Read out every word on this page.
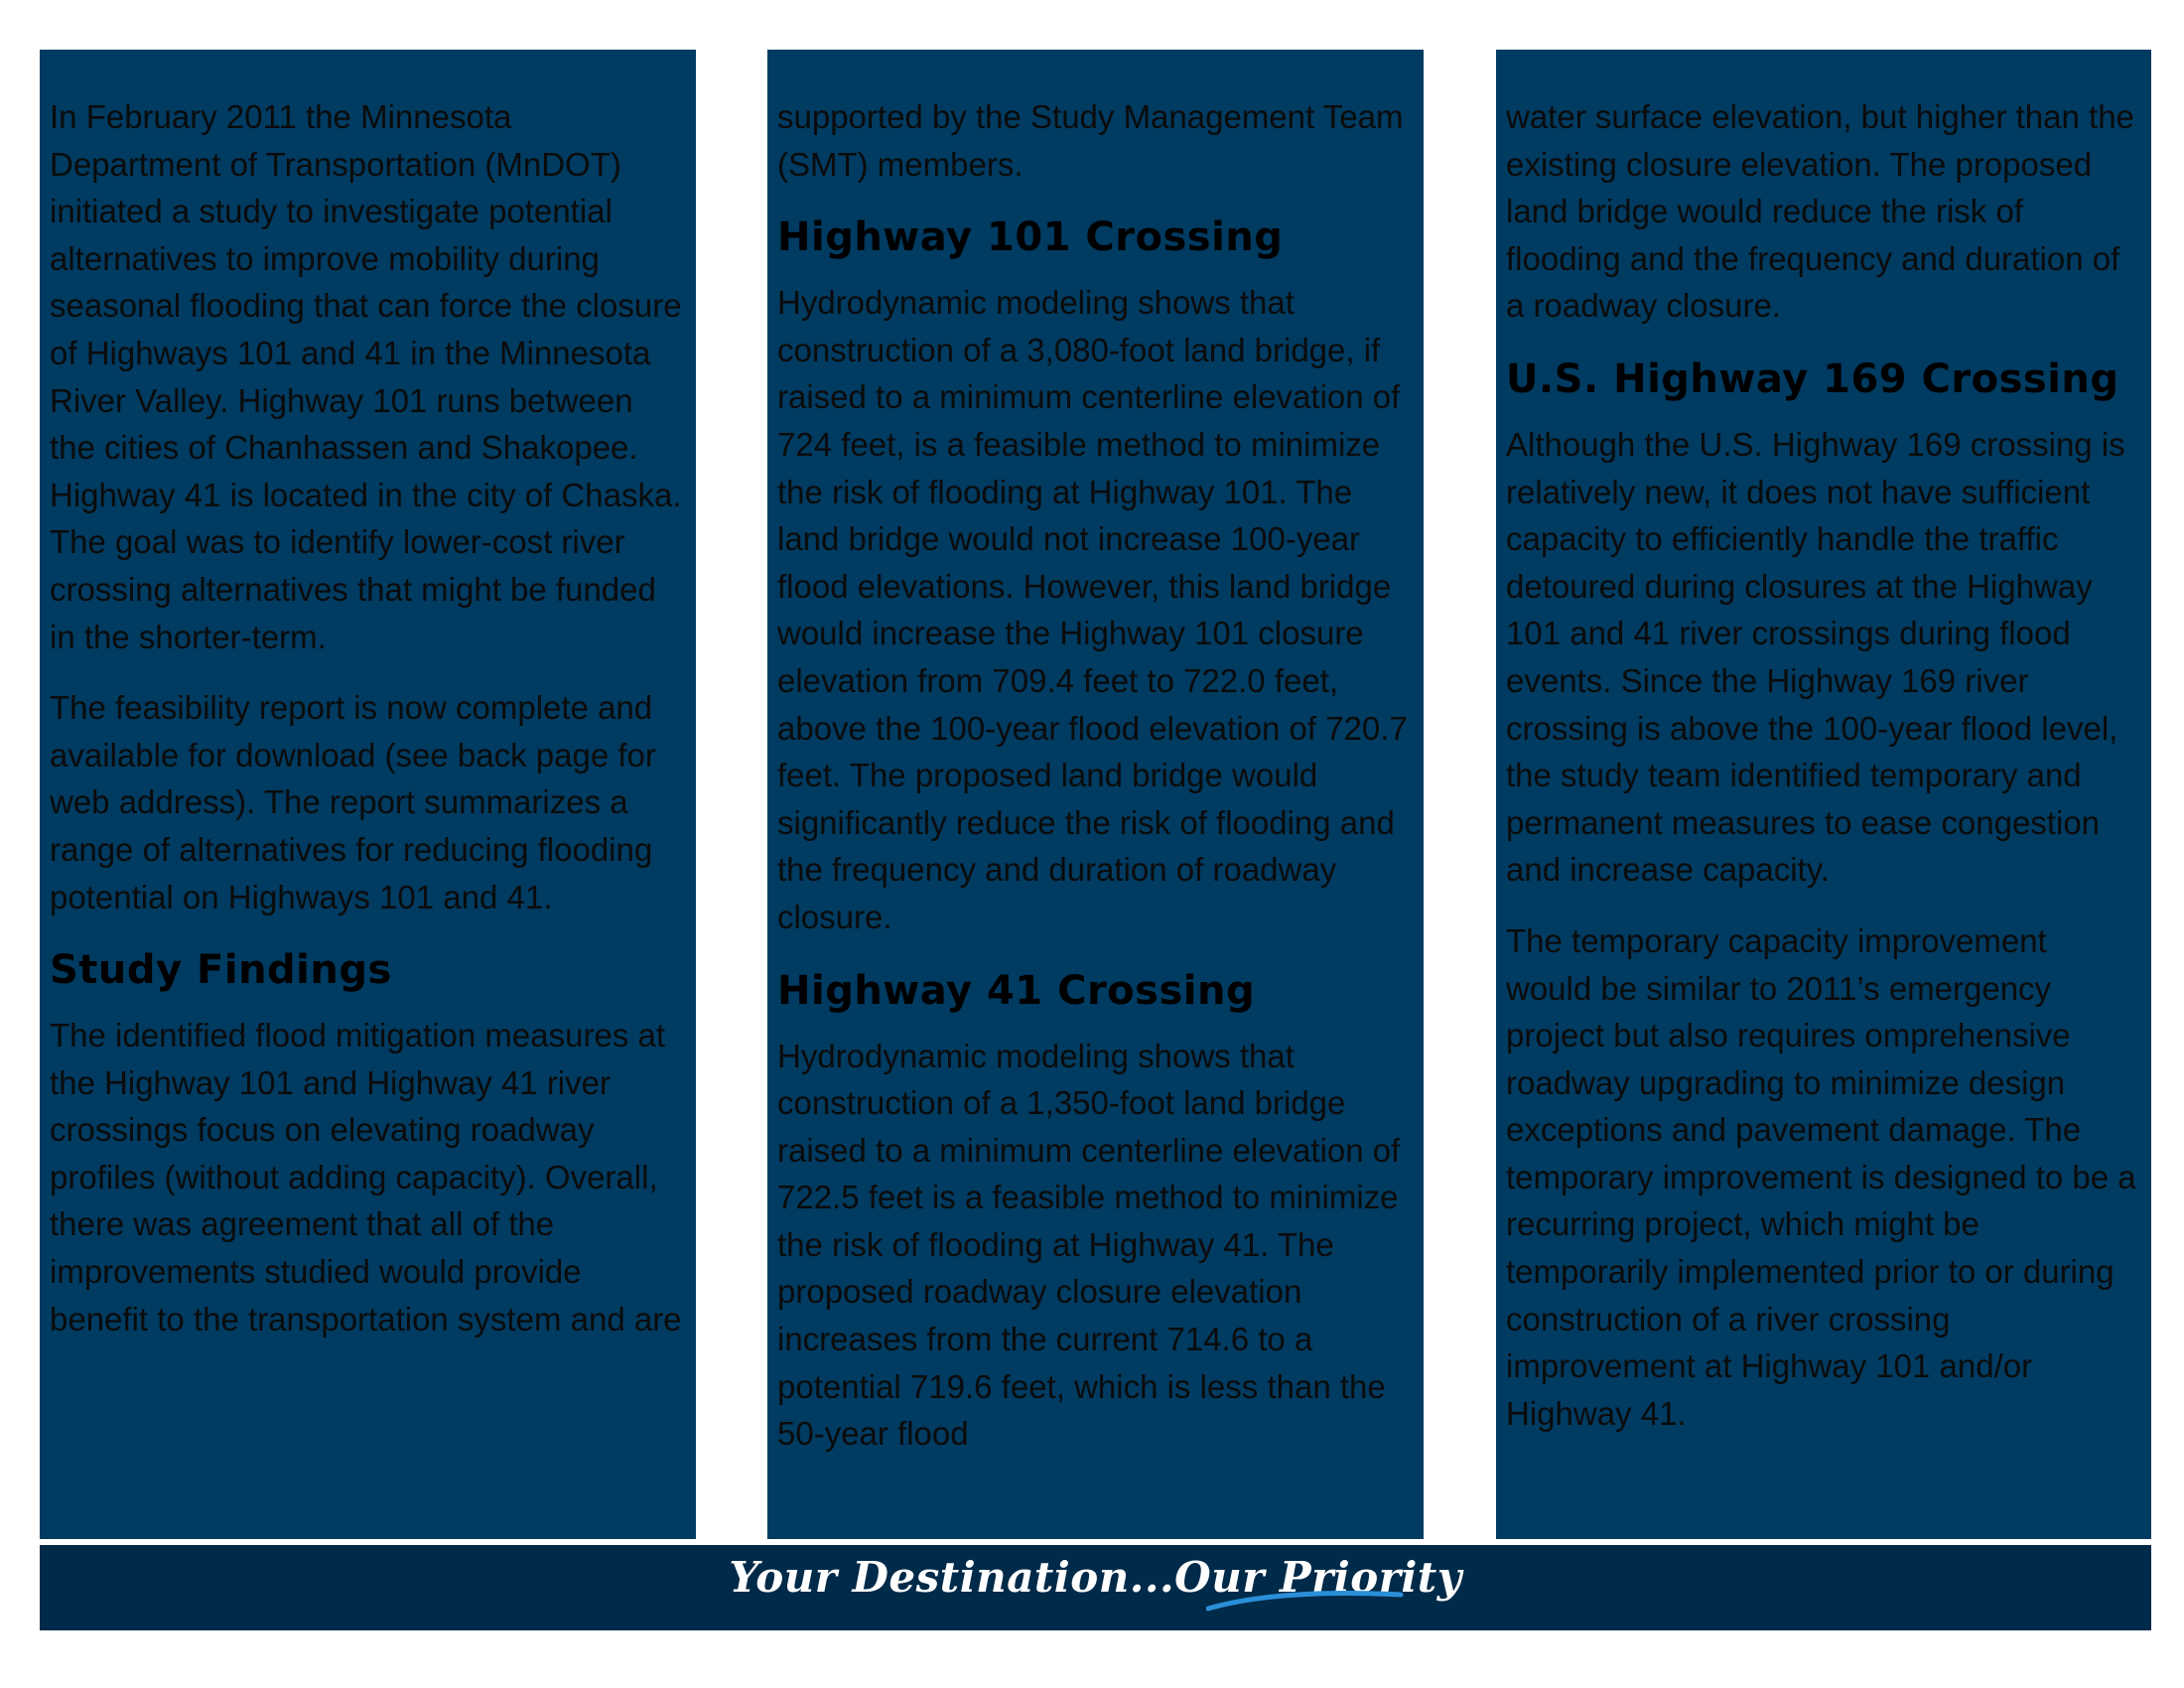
In February 2011 the Minnesota Department of Transportation (MnDOT) initiated a study to investigate potential alternatives to improve mobility during seasonal flooding that can force the closure of Highways 101 and 41 in the Minnesota River Valley. Highway 101 runs between the cities of Chanhassen and Shakopee. Highway 41 is located in the city of Chaska. The goal was to identify lower-cost river crossing alternatives that might be funded in the shorter-term.

The feasibility report is now complete and available for download (see back page for web address). The report summarizes a range of alternatives for reducing flooding potential on Highways 101 and 41.

Study Findings

The identified flood mitigation measures at the Highway 101 and Highway 41 river crossings focus on elevating roadway profiles (without adding capacity). Overall, there was agreement that all of the improvements studied would provide benefit to the transportation system and are

supported by the Study Management Team (SMT) members.

Highway 101 Crossing

Hydrodynamic modeling shows that construction of a 3,080-foot land bridge, if raised to a minimum centerline elevation of 724 feet, is a feasible method to minimize the risk of flooding at Highway 101. The land bridge would not increase 100-year flood elevations. However, this land bridge would increase the Highway 101 closure elevation from 709.4 feet to 722.0 feet, above the 100-year flood elevation of 720.7 feet. The proposed land bridge would significantly reduce the risk of flooding and the frequency and duration of roadway closure.

Highway 41 Crossing

Hydrodynamic modeling shows that construction of a 1,350-foot land bridge raised to a minimum centerline elevation of 722.5 feet is a feasible method to minimize the risk of flooding at Highway 41. The proposed roadway closure elevation increases from the current 714.6 to a potential 719.6 feet, which is less than the 50-year flood

water surface elevation, but higher than the existing closure elevation. The proposed land bridge would reduce the risk of flooding and the frequency and duration of a roadway closure.

U.S. Highway 169 Crossing

Although the U.S. Highway 169 crossing is relatively new, it does not have sufficient capacity to efficiently handle the traffic detoured during closures at the Highway 101 and 41 river crossings during flood events. Since the Highway 169 river crossing is above the 100-year flood level, the study team identified temporary and permanent measures to ease congestion and increase capacity.

The temporary capacity improvement would be similar to 2011’s emergency project but also requires omprehensive roadway upgrading to minimize design exceptions and pavement damage. The temporary improvement is designed to be a recurring project, which might be temporarily implemented prior to or during construction of a river crossing improvement at Highway 101 and/or Highway 41.

Your Destination...Our Priority
